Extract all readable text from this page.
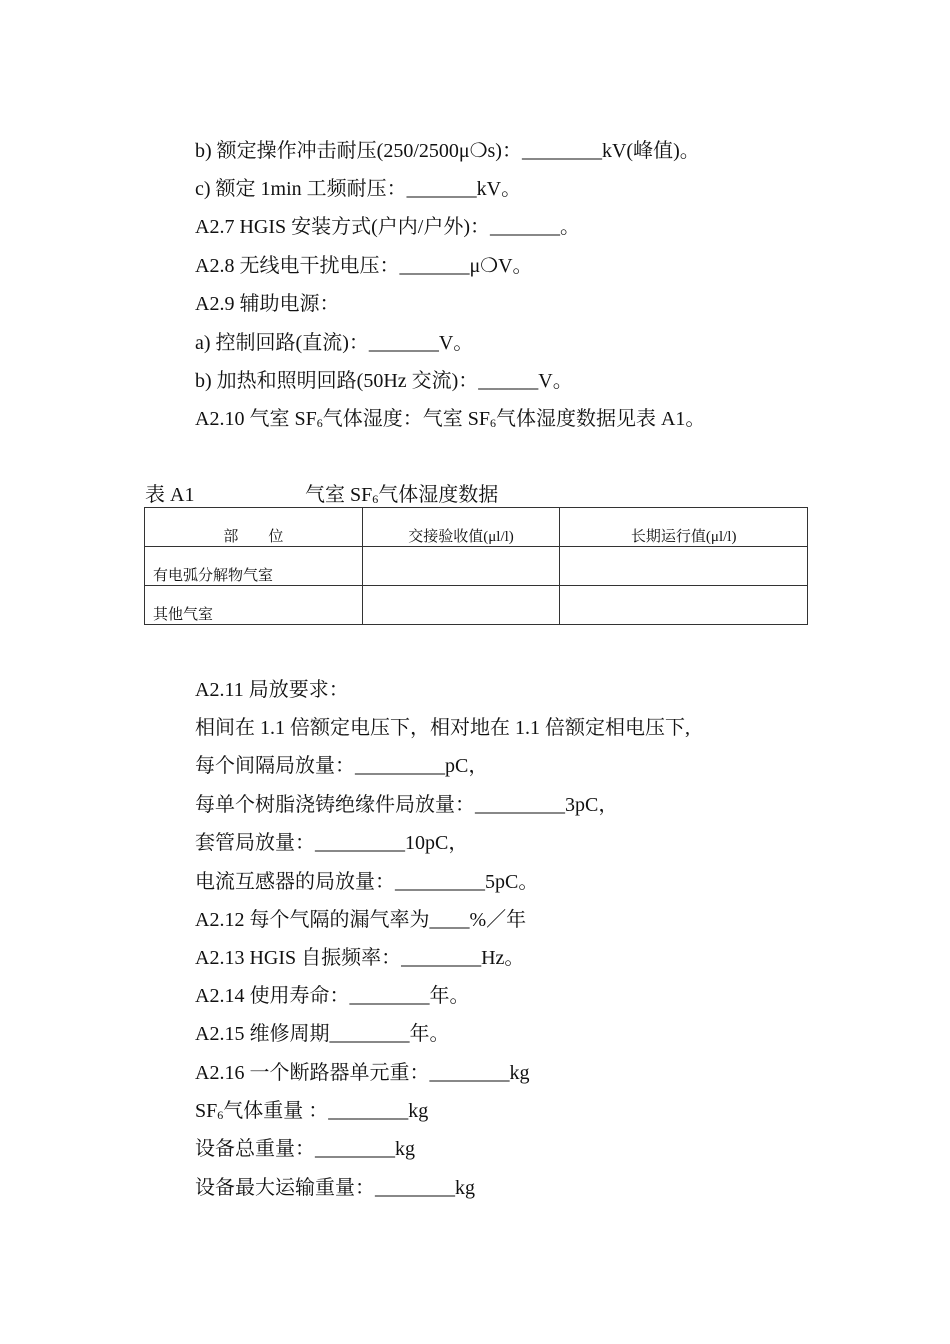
b) 额定操作冲击耐压(250/2500μ❍s)：________kV(峰值)。
c) 额定 1min 工频耐压：_______kV。
A2.7 HGIS 安装方式(户内/户外)：_______。
A2.8 无线电干扰电压：_______μ❍V。
A2.9 辅助电源：
a) 控制回路(直流)：_______V。
b) 加热和照明回路(50Hz 交流)：______V。
A2.10 气室 $SF_6$气体湿度：气室 $SF_6$气体湿度数据见表 A1。
表 A1	气室 $SF_6$气体湿度数据
部　　位	交接验收值(μl/l)	长期运行值(μl/l)

有电弧分解物气室		

其他气室		

A2.11 局放要求：
相间在 1.1 倍额定电压下，相对地在 1.1 倍额定相电压下,
每个间隔局放量：_________pC，
每单个树脂浇铸绝缘件局放量：_________3pC，
套管局放量：_________10pC，
电流互感器的局放量：_________5pC。
A2.12 每个气隔的漏气率为____%／年
A2.13 HGIS 自振频率：________Hz。
A2.14 使用寿命：________年。
A2.15 维修周期________年。
A2.16 一个断路器单元重：________kg
$SF_6$气体重量 ：________kg
设备总重量：________kg
设备最大运输重量：________kg
